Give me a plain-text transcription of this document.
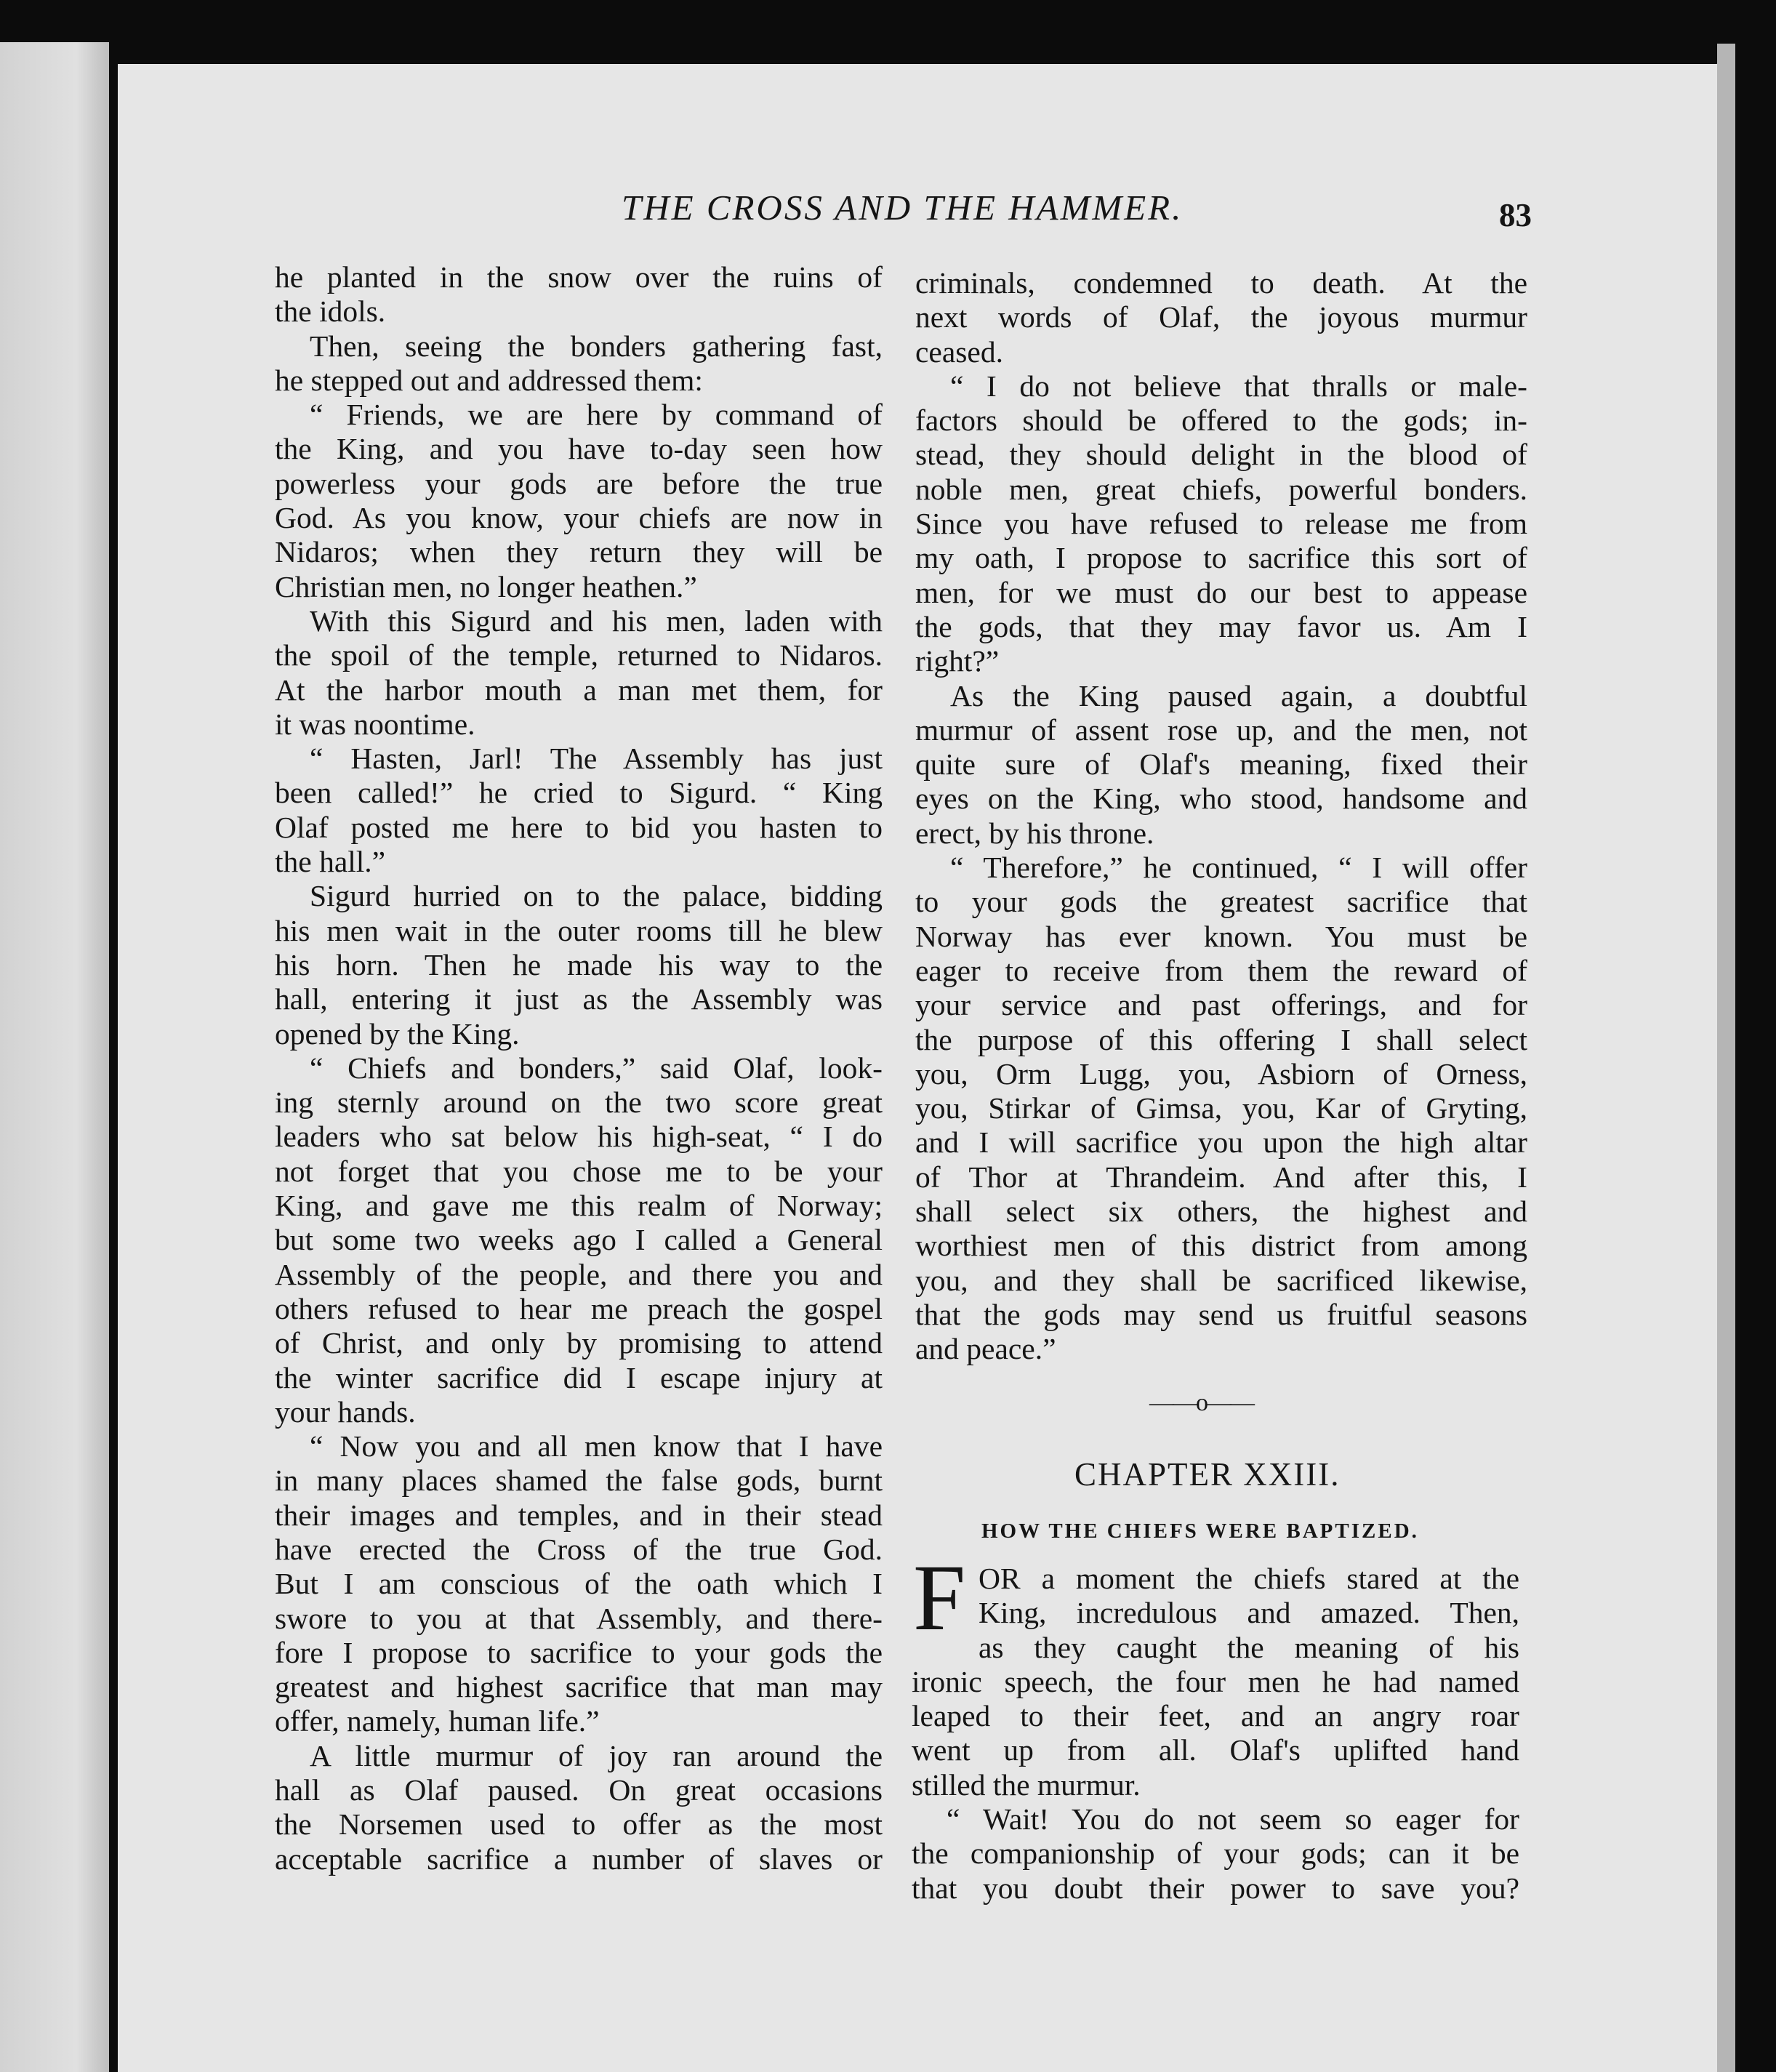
THE CROSS AND THE HAMMER.	83
he planted in the snow over the ruins of
the idols.
Then, seeing the bonders gathering fast,
he stepped out and addressed them:
“ Friends, we are here by command of
the King, and you have to-day seen how
powerless your gods are before the true
God. As you know, your chiefs are now in
Nidaros; when they return they will be
Christian men, no longer heathen.”
With this Sigurd and his men, laden with
the spoil of the temple, returned to Nidaros.
At the harbor mouth a man met them, for
it was noontime.
“ Hasten, Jarl! The Assembly has just
been called!” he cried to Sigurd. “ King
Olaf posted me here to bid you hasten to
the hall.”
Sigurd hurried on to the palace, bidding
his men wait in the outer rooms till he blew
his horn. Then he made his way to the
hall, entering it just as the Assembly was
opened by the King.
“ Chiefs and bonders,” said Olaf, look-
ing sternly around on the two score great
leaders who sat below his high-seat, “ I do
not forget that you chose me to be your
King, and gave me this realm of Norway;
but some two weeks ago I called a General
Assembly of the people, and there you and
others refused to hear me preach the gospel
of Christ, and only by promising to attend
the winter sacrifice did I escape injury at
your hands.
“ Now you and all men know that I have
in many places shamed the false gods, burnt
their images and temples, and in their stead
have erected the Cross of the true God.
But I am conscious of the oath which I
swore to you at that Assembly, and there-
fore I propose to sacrifice to your gods the
greatest and highest sacrifice that man may
offer, namely, human life.”
A little murmur of joy ran around the
hall as Olaf paused. On great occasions
the Norsemen used to offer as the most
acceptable sacrifice a number of slaves or
criminals, condemned to death. At the
next words of Olaf, the joyous murmur
ceased.
“ I do not believe that thralls or male-
factors should be offered to the gods; in-
stead, they should delight in the blood of
noble men, great chiefs, powerful bonders.
Since you have refused to release me from
my oath, I propose to sacrifice this sort of
men, for we must do our best to appease
the gods, that they may favor us. Am I
right?”
As the King paused again, a doubtful
murmur of assent rose up, and the men, not
quite sure of Olaf's meaning, fixed their
eyes on the King, who stood, handsome and
erect, by his throne.
“ Therefore,” he continued, “ I will offer
to your gods the greatest sacrifice that
Norway has ever known. You must be
eager to receive from them the reward of
your service and past offerings, and for
the purpose of this offering I shall select
you, Orm Lugg, you, Asbiorn of Orness,
you, Stirkar of Gimsa, you, Kar of Gryting,
and I will sacrifice you upon the high altar
of Thor at Thrandeim. And after this, I
shall select six others, the highest and
worthiest men of this district from among
you, and they shall be sacrificed likewise,
that the gods may send us fruitful seasons
and peace.”
——o——
CHAPTER XXIII.
HOW THE CHIEFS WERE BAPTIZED.
F OR a moment the chiefs stared at the
King, incredulous and amazed. Then,
as they caught the meaning of his
ironic speech, the four men he had named
leaped to their feet, and an angry roar
went up from all. Olaf's uplifted hand
stilled the murmur.
“ Wait! You do not seem so eager for
the companionship of your gods; can it be
that you doubt their power to save you?
